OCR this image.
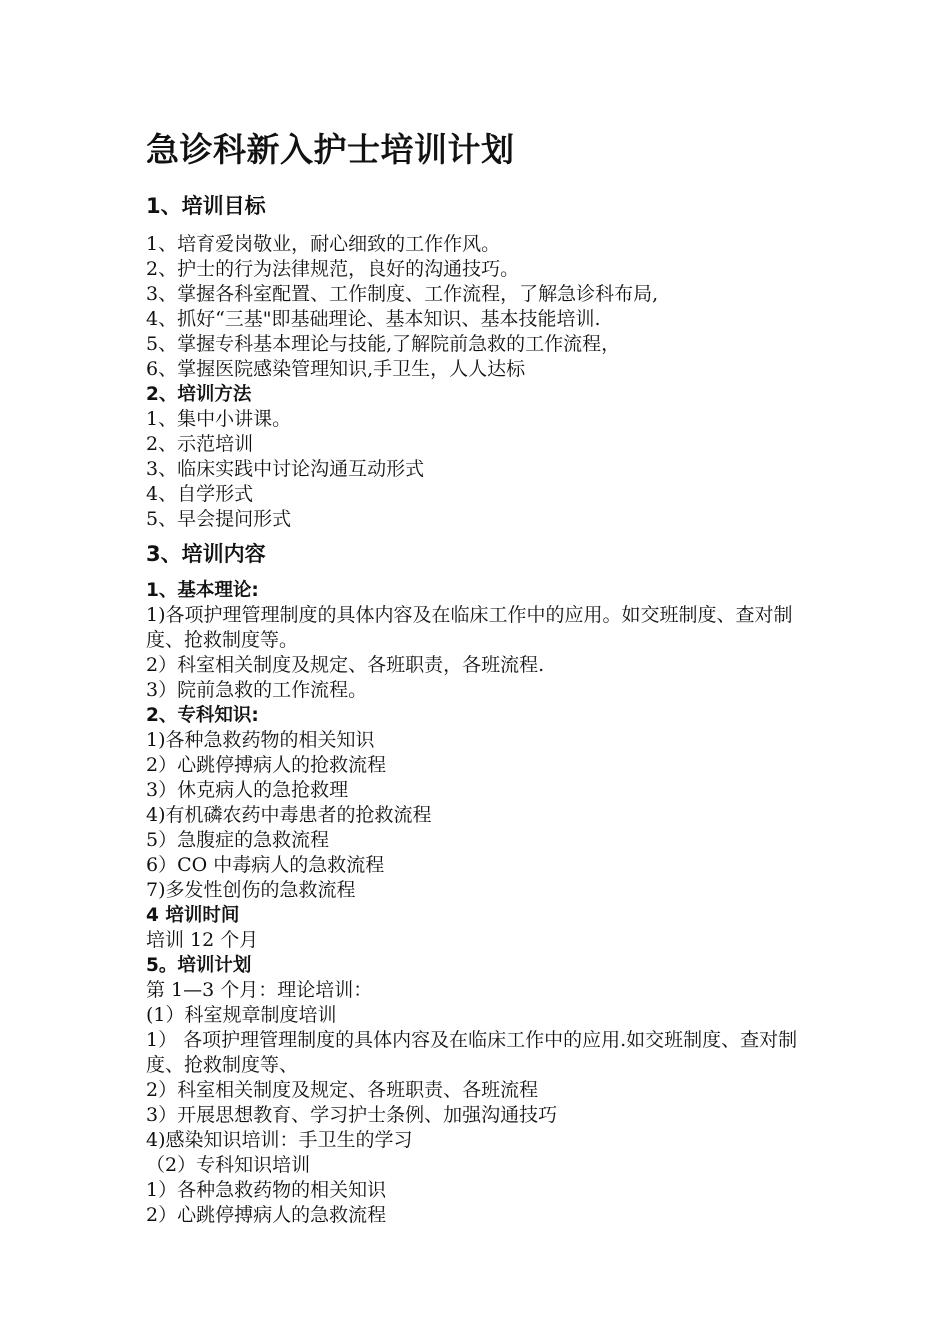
急诊科新入护士培训计划
1、培训目标
1、培育爱岗敬业，耐心细致的工作作风。
2、护士的行为法律规范，良好的沟通技巧。
3、掌握各科室配置、工作制度、工作流程，了解急诊科布局,
4、抓好“三基"即基础理论、基本知识、基本技能培训.
5、掌握专科基本理论与技能,了解院前急救的工作流程，
6、掌握医院感染管理知识,手卫生，人人达标
2、培训方法
1、集中小讲课。
2、示范培训
3、临床实践中讨论沟通互动形式
4、自学形式
5、早会提问形式
3、培训内容
1、基本理论:
1)各项护理管理制度的具体内容及在临床工作中的应用。如交班制度、查对制度、抢救制度等。
2）科室相关制度及规定、各班职责，各班流程.
3）院前急救的工作流程。
2、专科知识:
1)各种急救药物的相关知识
2）心跳停搏病人的抢救流程
3）休克病人的急抢救理
4)有机磷农药中毒患者的抢救流程
5）急腹症的急救流程
6）CO 中毒病人的急救流程
7)多发性创伤的急救流程
4 培训时间
培训 12 个月
5。培训计划
第 1—3 个月：理论培训：
(1）科室规章制度培训
1） 各项护理管理制度的具体内容及在临床工作中的应用.如交班制度、查对制度、抢救制度等、
2）科室相关制度及规定、各班职责、各班流程
3）开展思想教育、学习护士条例、加强沟通技巧
4)感染知识培训：手卫生的学习
（2）专科知识培训
1）各种急救药物的相关知识
2）心跳停搏病人的急救流程
